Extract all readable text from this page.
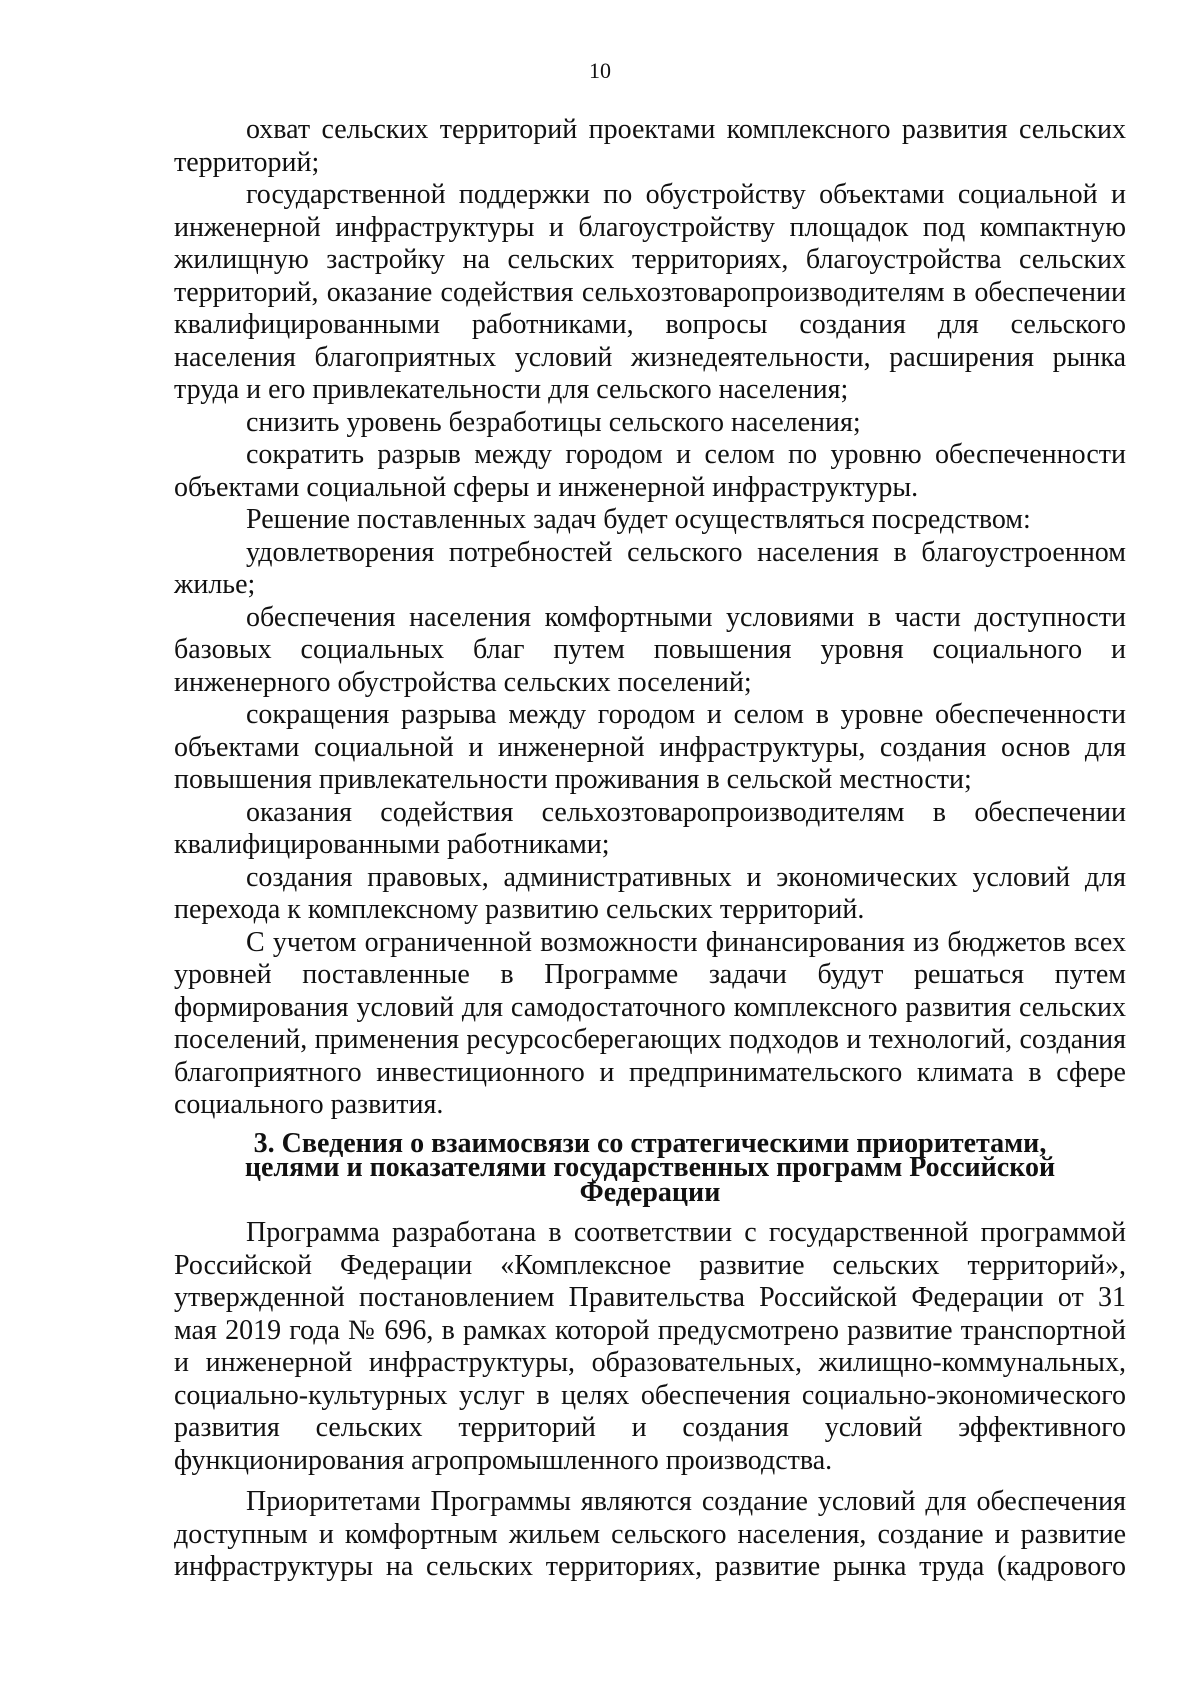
10

охват сельских территорий проектами комплексного развития сельских территорий;

государственной поддержки по обустройству объектами социальной и инженерной инфраструктуры и благоустройству площадок под компактную жилищную застройку на сельских территориях, благоустройства сельских территорий, оказание содействия сельхозтоваропроизводителям в обеспечении квалифицированными работниками, вопросы создания для сельского населения благоприятных условий жизнедеятельности, расширения рынка труда и его привлекательности для сельского населения;

снизить уровень безработицы сельского населения;

сократить разрыв между городом и селом по уровню обеспеченности объектами социальной сферы и инженерной инфраструктуры.

Решение поставленных задач будет осуществляться посредством:

удовлетворения потребностей сельского населения в благоустроенном жилье;

обеспечения населения комфортными условиями в части доступности базовых социальных благ путем повышения уровня социального и инженерного обустройства сельских поселений;

сокращения разрыва между городом и селом в уровне обеспеченности объектами социальной и инженерной инфраструктуры, создания основ для повышения привлекательности проживания в сельской местности;

оказания содействия сельхозтоваропроизводителям в обеспечении квалифицированными работниками;

создания правовых, административных и экономических условий для перехода к комплексному развитию сельских территорий.

С учетом ограниченной возможности финансирования из бюджетов всех уровней поставленные в Программе задачи будут решаться путем формирования условий для самодостаточного комплексного развития сельских поселений, применения ресурсосберегающих подходов и технологий, создания благоприятного инвестиционного и предпринимательского климата в сфере социального развития.

3. Сведения о взаимосвязи со стратегическими приоритетами,
целями и показателями государственных программ Российской
Федерации

Программа разработана в соответствии с государственной программой Российской Федерации «Комплексное развитие сельских территорий», утвержденной постановлением Правительства Российской Федерации от 31 мая 2019 года № 696, в рамках которой предусмотрено развитие транспортной и инженерной инфраструктуры, образовательных, жилищно-коммунальных, социально-культурных услуг в целях обеспечения социально-экономического развития сельских территорий и создания условий эффективного функционирования агропромышленного производства.

Приоритетами Программы являются создание условий для обеспечения доступным и комфортным жильем сельского населения, создание и развитие инфраструктуры на сельских территориях, развитие рынка труда (кадрового
